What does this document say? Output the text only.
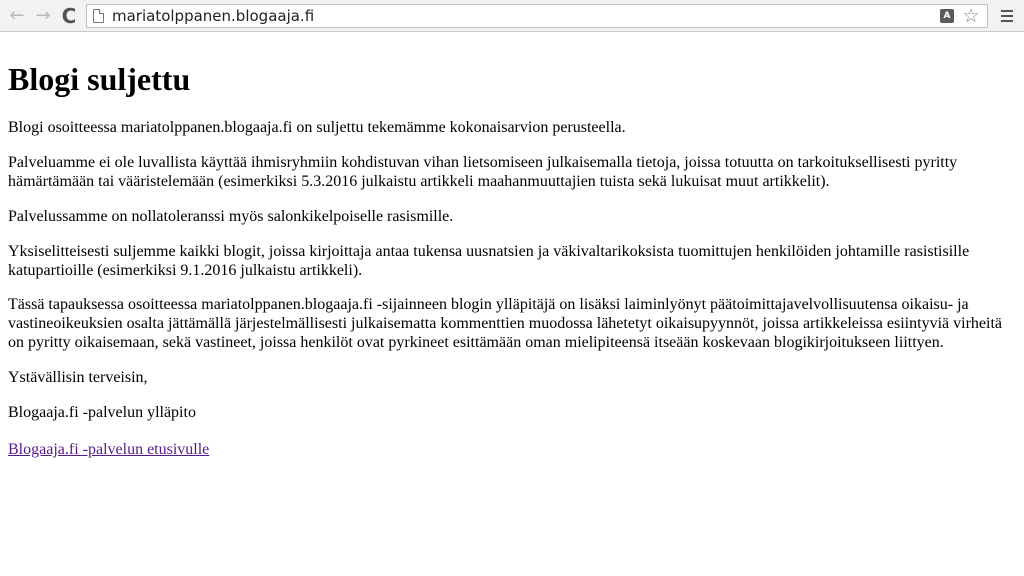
← → C	mariatolppanen.blogaaja.fi	A ☆
Blogi suljettu

Blogi osoitteessa mariatolppanen.blogaaja.fi on suljettu tekemämme kokonaisarvion perusteella.

Palveluamme ei ole luvallista käyttää ihmisryhmiin kohdistuvan vihan lietsomiseen julkaisemalla tietoja, joissa totuutta on tarkoituksellisesti pyritty hämärtämään tai vääristelemään (esimerkiksi 5.3.2016 julkaistu artikkeli maahanmuuttajien tuista sekä lukuisat muut artikkelit).

Palvelussamme on nollatoleranssi myös salonkikelpoiselle rasismille.

Yksiselitteisesti suljemme kaikki blogit, joissa kirjoittaja antaa tukensa uusnatsien ja väkivaltarikoksista tuomittujen henkilöiden johtamille rasistisille katupartioille (esimerkiksi 9.1.2016 julkaistu artikkeli).

Tässä tapauksessa osoitteessa mariatolppanen.blogaaja.fi -sijainneen blogin ylläpitäjä on lisäksi laiminlyönyt päätoimittajavelvollisuutensa oikaisu- ja vastineoikeuksien osalta jättämällä järjestelmällisesti julkaisematta kommenttien muodossa lähetetyt oikaisupyynnöt, joissa artikkeleissa esiintyviä virheitä on pyritty oikaisemaan, sekä vastineet, joissa henkilöt ovat pyrkineet esittämään oman mielipiteensä itseään koskevaan blogikirjoitukseen liittyen.

Ystävällisin terveisin,

Blogaaja.fi -palvelun ylläpito

Blogaaja.fi -palvelun etusivulle
